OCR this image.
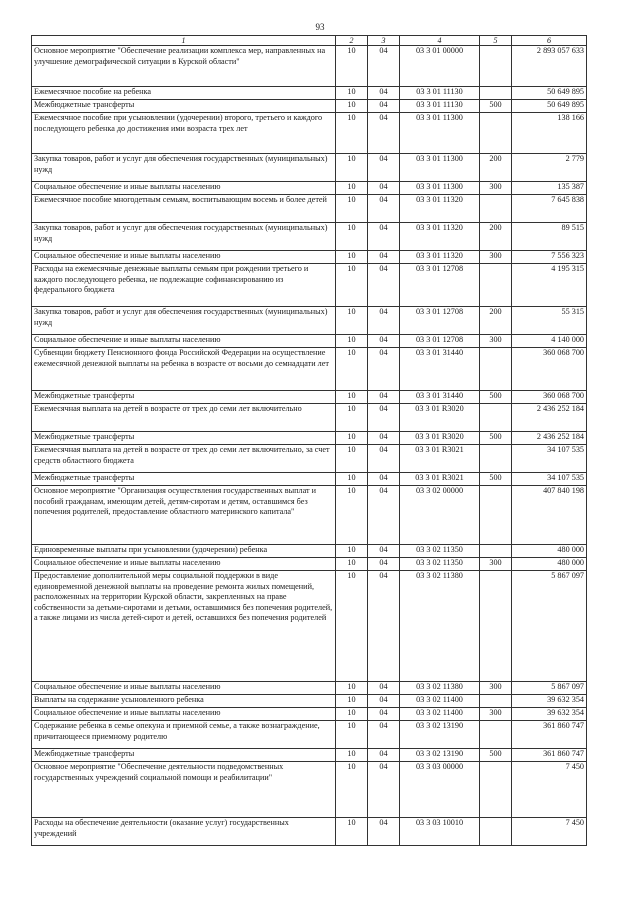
93
1	2	3	4	5	6
Основное мероприятие "Обеспечение реализации комплекса мер, направленных на улучшение демографической ситуации в Курской области"	10	04	03 3 01 00000		2 893 057 633
Ежемесячное пособие на ребенка	10	04	03 3 01 11130		50 649 895
Межбюджетные трансферты	10	04	03 3 01 11130	500	50 649 895
Ежемесячное пособие при усыновлении (удочерении) второго, третьего и каждого последующего ребенка до достижения ими возраста трех лет	10	04	03 3 01 11300		138 166
Закупка товаров, работ и услуг для обеспечения государственных (муниципальных) нужд	10	04	03 3 01 11300	200	2 779
Социальное обеспечение и иные выплаты населению	10	04	03 3 01 11300	300	135 387
Ежемесячное пособие многодетным семьям, воспитывающим восемь и более детей	10	04	03 3 01 11320		7 645 838
Закупка товаров, работ и услуг для обеспечения государственных (муниципальных) нужд	10	04	03 3 01 11320	200	89 515
Социальное обеспечение и иные выплаты населению	10	04	03 3 01 11320	300	7 556 323
Расходы на ежемесячные денежные выплаты семьям при рождении третьего и каждого последующего ребенка, не подлежащие софинансированию из федерального бюджета	10	04	03 3 01 12708		4 195 315
Закупка товаров, работ и услуг для обеспечения государственных (муниципальных) нужд	10	04	03 3 01 12708	200	55 315
Социальное обеспечение и иные выплаты населению	10	04	03 3 01 12708	300	4 140 000
Субвенции бюджету Пенсионного фонда Российской Федерации на осуществление ежемесячной денежной выплаты на ребенка в возрасте от восьми до семнадцати лет	10	04	03 3 01 31440		360 068 700
Межбюджетные трансферты	10	04	03 3 01 31440	500	360 068 700
Ежемесячная выплата на детей в возрасте от трех до семи лет включительно	10	04	03 3 01 R3020		2 436 252 184
Межбюджетные трансферты	10	04	03 3 01 R3020	500	2 436 252 184
Ежемесячная выплата на детей в возрасте от трех до семи лет включительно, за счет средств областного бюджета	10	04	03 3 01 R3021		34 107 535
Межбюджетные трансферты	10	04	03 3 01 R3021	500	34 107 535
Основное мероприятие "Организация осуществления государственных выплат и пособий гражданам, имеющим детей, детям-сиротам и детям, оставшимся без попечения родителей, предоставление областного материнского капитала"	10	04	03 3 02 00000		407 840 198
Единовременные выплаты при усыновлении (удочерении) ребенка	10	04	03 3 02 11350		480 000
Социальное обеспечение и иные выплаты населению	10	04	03 3 02 11350	300	480 000
Предоставление дополнительной меры социальной поддержки в виде единовременной денежной выплаты на проведение ремонта жилых помещений, расположенных на территории Курской области, закрепленных на праве собственности за детьми-сиротами и детьми, оставшимися без попечения родителей, а также лицами из числа детей-сирот и детей, оставшихся без попечения родителей	10	04	03 3 02 11380		5 867 097
Социальное обеспечение и иные выплаты населению	10	04	03 3 02 11380	300	5 867 097
Выплаты на содержание усыновленного ребенка	10	04	03 3 02 11400		39 632 354
Социальное обеспечение и иные выплаты населению	10	04	03 3 02 11400	300	39 632 354
Содержание ребенка в семье опекуна и приемной семье, а также вознаграждение, причитающееся приемному родителю	10	04	03 3 02 13190		361 860 747
Межбюджетные трансферты	10	04	03 3 02 13190	500	361 860 747
Основное мероприятие "Обеспечение деятельности подведомственных государственных учреждений социальной помощи и реабилитации"	10	04	03 3 03 00000		7 450
Расходы на обеспечение деятельности (оказание услуг) государственных учреждений	10	04	03 3 03 10010		7 450
